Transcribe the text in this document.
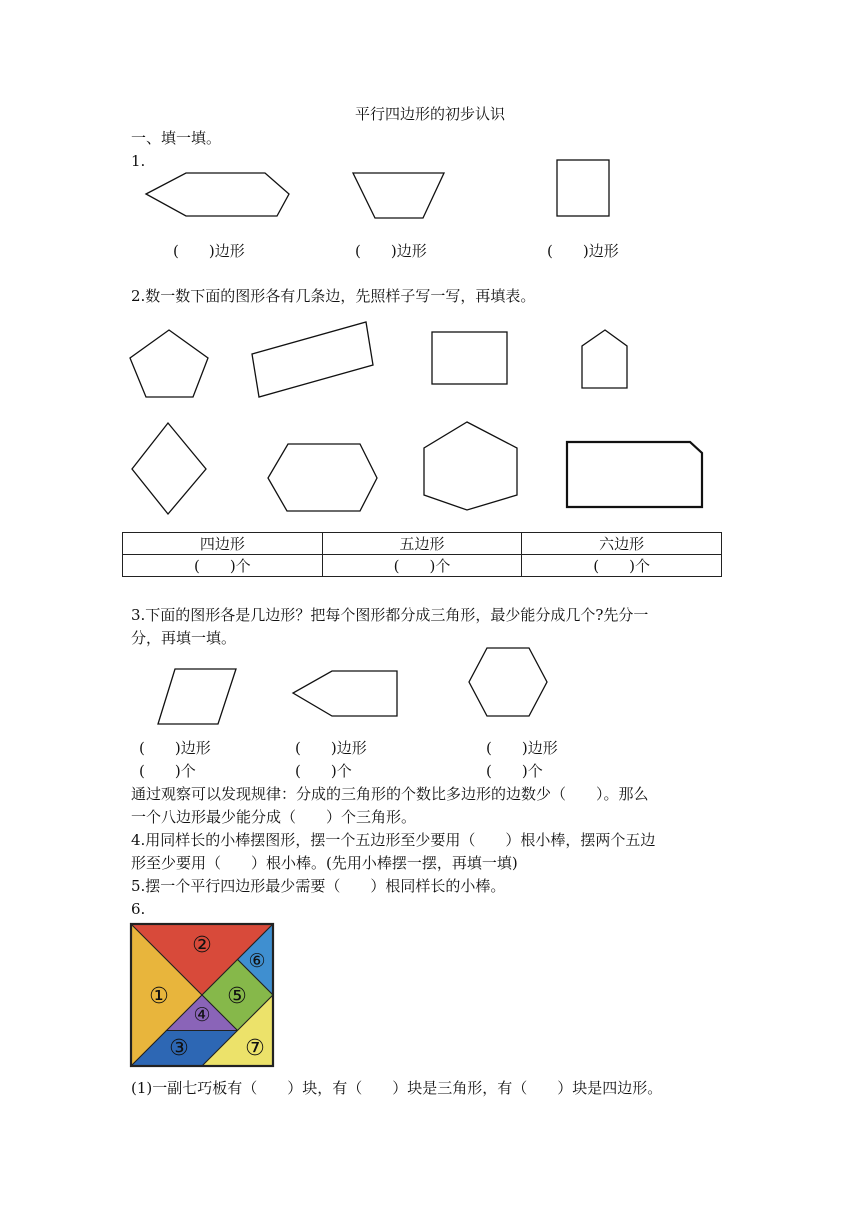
平行四边形的初步认识
一、填一填。
1.
(　　)边形	(　　)边形	(　　)边形
2.数一数下面的图形各有几条边，先照样子写一写，再填表。
四边形	五边形	六边形
(　　)个	(　　)个	(　　)个
3.下面的图形各是几边形？把每个图形都分成三角形，最少能分成几个?先分一
分，再填一填。
(　　)边形	(　　)边形	(　　)边形
(　　)个	(　　)个	(　　)个
通过观察可以发现规律：分成的三角形的个数比多边形的边数少（　　）。那么
一个八边形最少能分成（　　）个三角形。
4.用同样长的小棒摆图形，摆一个五边形至少要用（　　）根小棒，摆两个五边
形至少要用（　　）根小棒。(先用小棒摆一摆，再填一填)
5.摆一个平行四边形最少需要（　　）根同样长的小棒。
6.
①
②
③
④
⑤
⑥
⑦
(1)一副七巧板有（　　）块，有（　　）块是三角形，有（　　）块是四边形。
